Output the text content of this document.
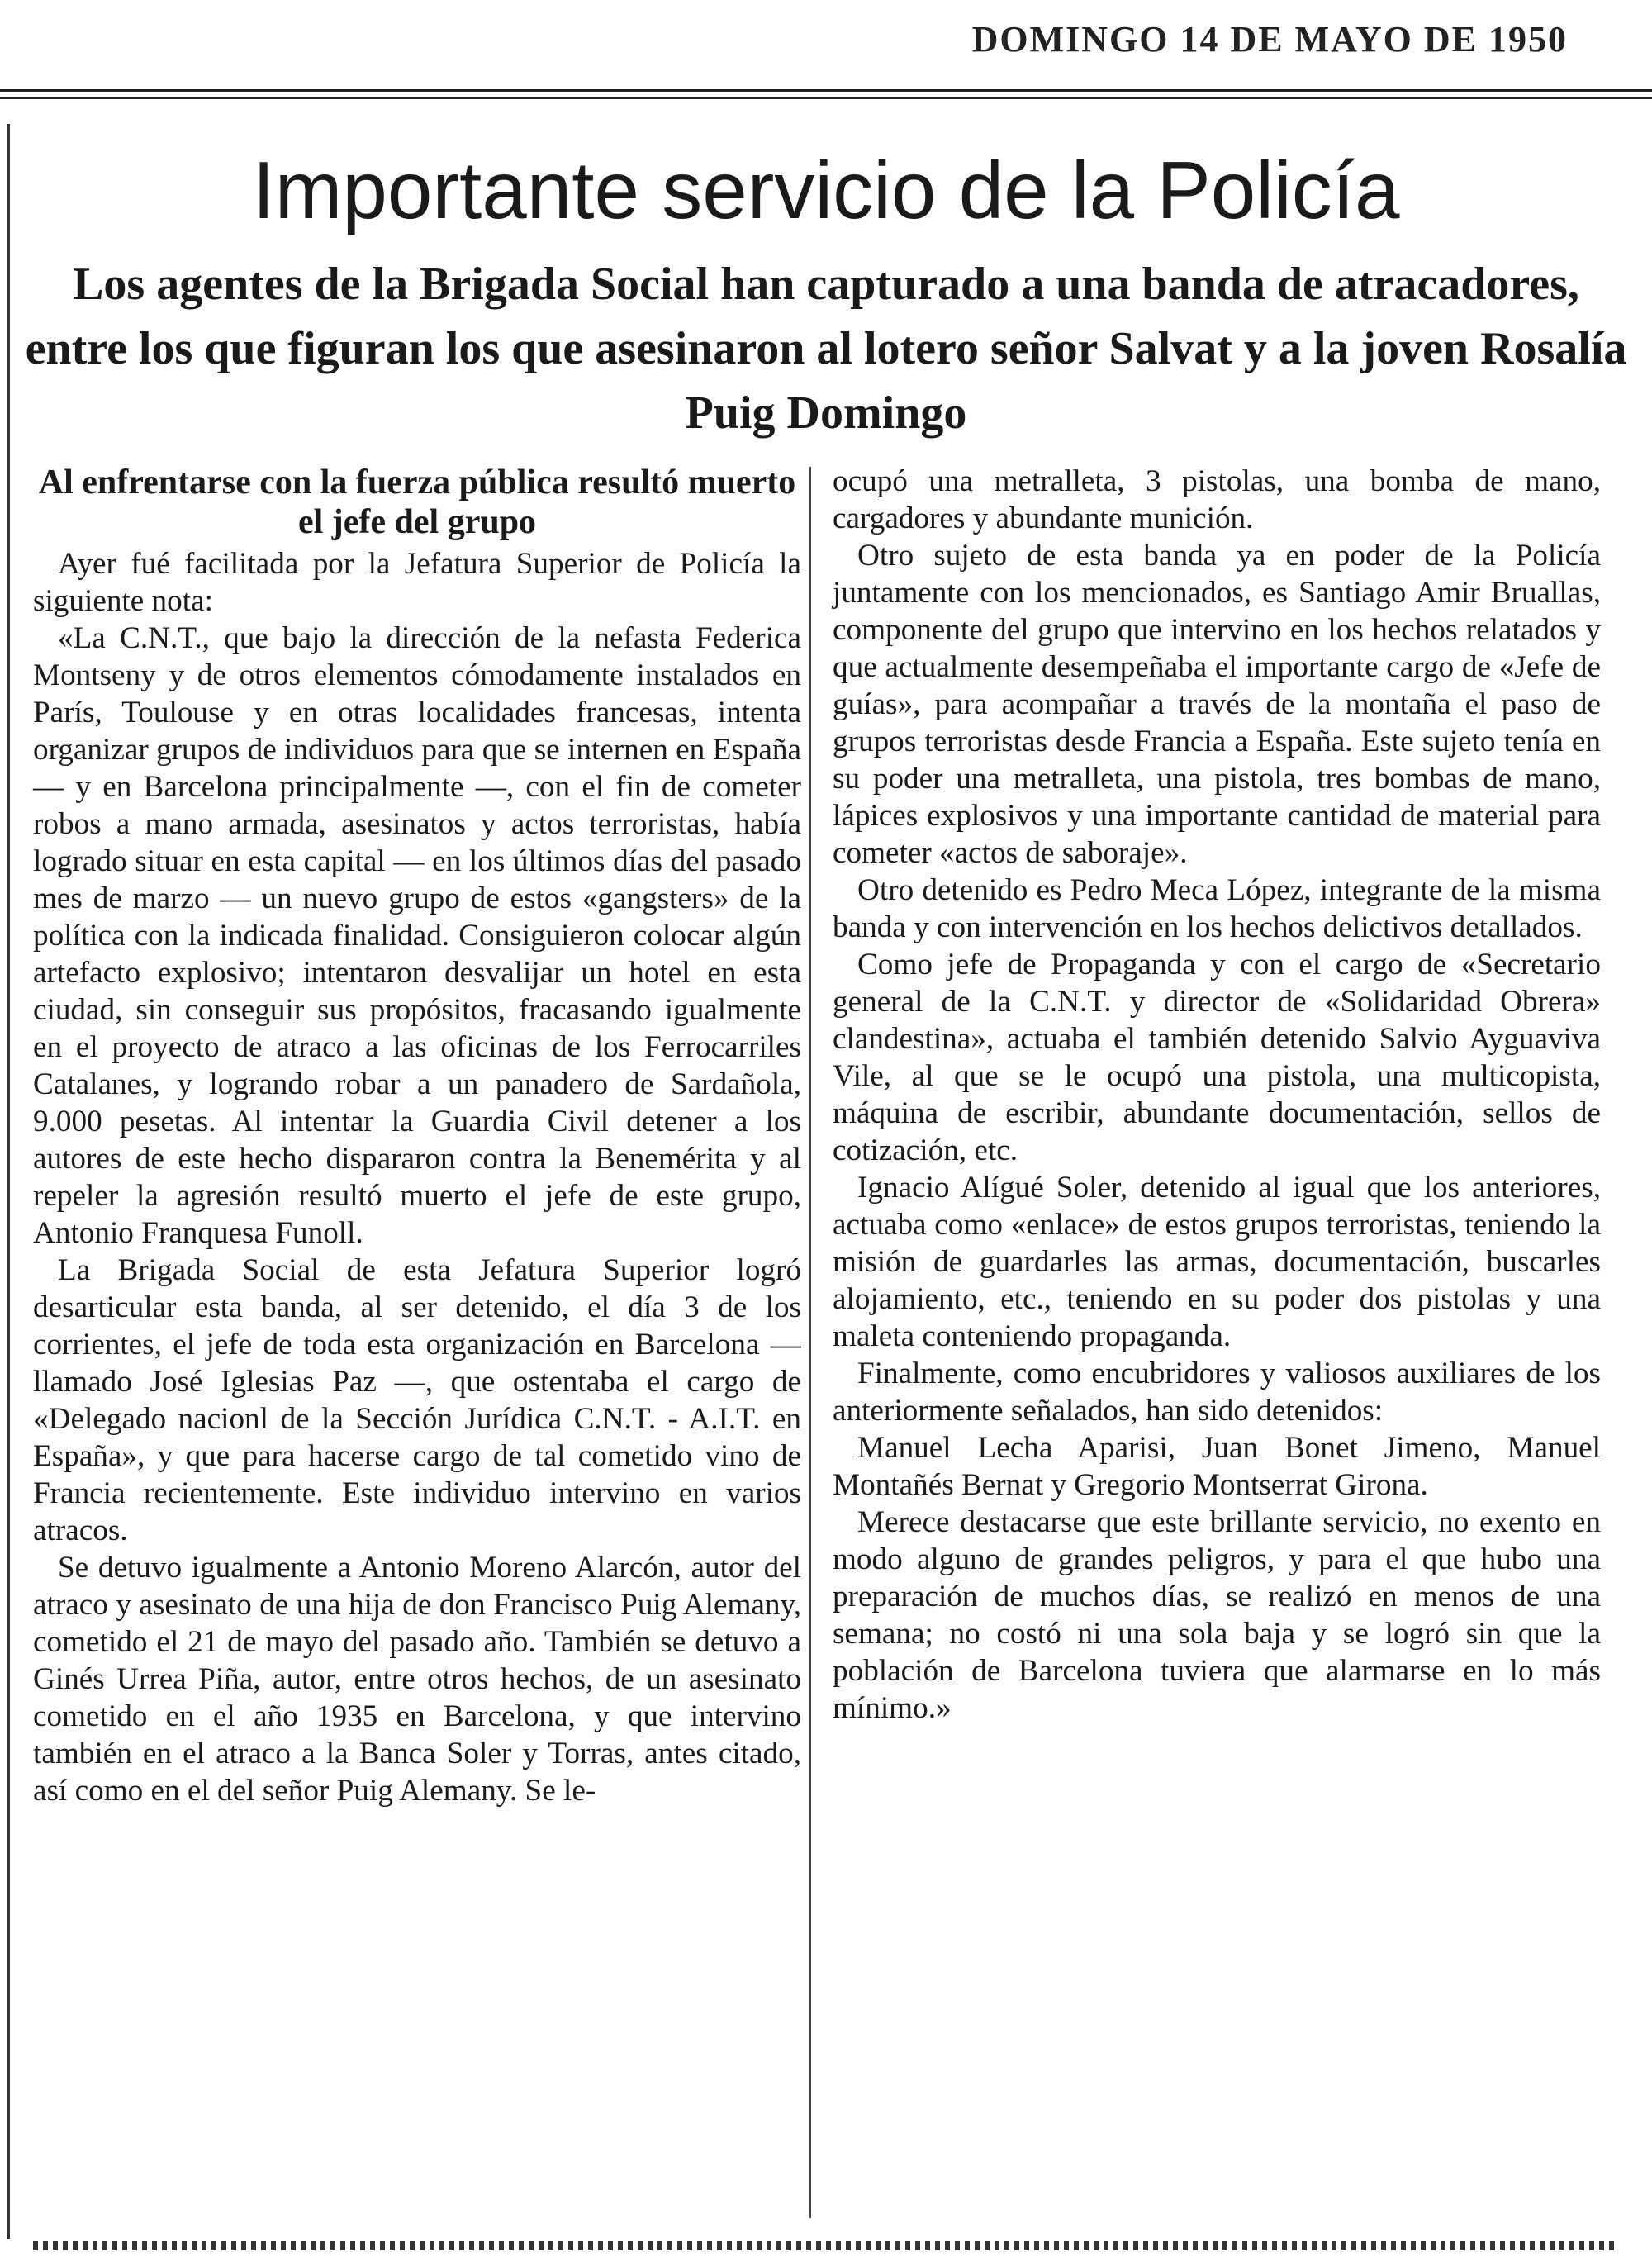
DOMINGO 14 DE MAYO DE 1950
Importante servicio de la Policía
Los agentes de la Brigada Social han capturado a una banda de atracadores, entre los que figuran los que asesinaron al lotero señor Salvat y a la joven Rosalía Puig Domingo
Al enfrentarse con la fuerza pública resultó muerto el jefe del grupo

Ayer fué facilitada por la Jefatura Superior de Policía la siguiente nota:

«La C.N.T., que bajo la dirección de la nefasta Federica Montseny y de otros elementos cómodamente instalados en París, Toulouse y en otras localidades francesas, intenta organizar grupos de individuos para que se internen en España — y en Barcelona principalmente —, con el fin de cometer robos a mano armada, asesinatos y actos terroristas, había logrado situar en esta capital — en los últimos días del pasado mes de marzo — un nuevo grupo de estos «gangsters» de la política con la indicada finalidad. Consiguieron colocar algún artefacto explosivo; intentaron desvalijar un hotel en esta ciudad, sin conseguir sus propósitos, fracasando igualmente en el proyecto de atraco a las oficinas de los Ferrocarriles Catalanes, y logrando robar a un panadero de Sardañola, 9.000 pesetas. Al intentar la Guardia Civil detener a los autores de este hecho dispararon contra la Benemérita y al repeler la agresión resultó muerto el jefe de este grupo, Antonio Franquesa Funoll.

La Brigada Social de esta Jefatura Superior logró desarticular esta banda, al ser detenido, el día 3 de los corrientes, el jefe de toda esta organización en Barcelona — llamado José Iglesias Paz —, que ostentaba el cargo de «Delegado nacionl de la Sección Jurídica C.N.T. - A.I.T. en España», y que para hacerse cargo de tal cometido vino de Francia recientemente. Este individuo intervino en varios atracos.

Se detuvo igualmente a Antonio Moreno Alarcón, autor del atraco y asesinato de una hija de don Francisco Puig Alemany, cometido el 21 de mayo del pasado año. También se detuvo a Ginés Urrea Piña, autor, entre otros hechos, de un asesinato cometido en el año 1935 en Barcelona, y que intervino también en el atraco a la Banca Soler y Torras, antes citado, así como en el del señor Puig Alemany. Se le-

ocupó una metralleta, 3 pistolas, una bomba de mano, cargadores y abundante munición.

Otro sujeto de esta banda ya en poder de la Policía juntamente con los mencionados, es Santiago Amir Bruallas, componente del grupo que intervino en los hechos relatados y que actualmente desempeñaba el importante cargo de «Jefe de guías», para acompañar a través de la montaña el paso de grupos terroristas desde Francia a España. Este sujeto tenía en su poder una metralleta, una pistola, tres bombas de mano, lápices explosivos y una importante cantidad de material para cometer «actos de saboraje».

Otro detenido es Pedro Meca López, integrante de la misma banda y con intervención en los hechos delictivos detallados.

Como jefe de Propaganda y con el cargo de «Secretario general de la C.N.T. y director de «Solidaridad Obrera» clandestina», actuaba el también detenido Salvio Ayguaviva Vile, al que se le ocupó una pistola, una multicopista, máquina de escribir, abundante documentación, sellos de cotización, etc.

Ignacio Alígué Soler, detenido al igual que los anteriores, actuaba como «enlace» de estos grupos terroristas, teniendo la misión de guardarles las armas, documentación, buscarles alojamiento, etc., teniendo en su poder dos pistolas y una maleta conteniendo propaganda.

Finalmente, como encubridores y valiosos auxiliares de los anteriormente señalados, han sido detenidos:

Manuel Lecha Aparisi, Juan Bonet Jimeno, Manuel Montañés Bernat y Gregorio Montserrat Girona.

Merece destacarse que este brillante servicio, no exento en modo alguno de grandes peligros, y para el que hubo una preparación de muchos días, se realizó en menos de una semana; no costó ni una sola baja y se logró sin que la población de Barcelona tuviera que alarmarse en lo más mínimo.»
